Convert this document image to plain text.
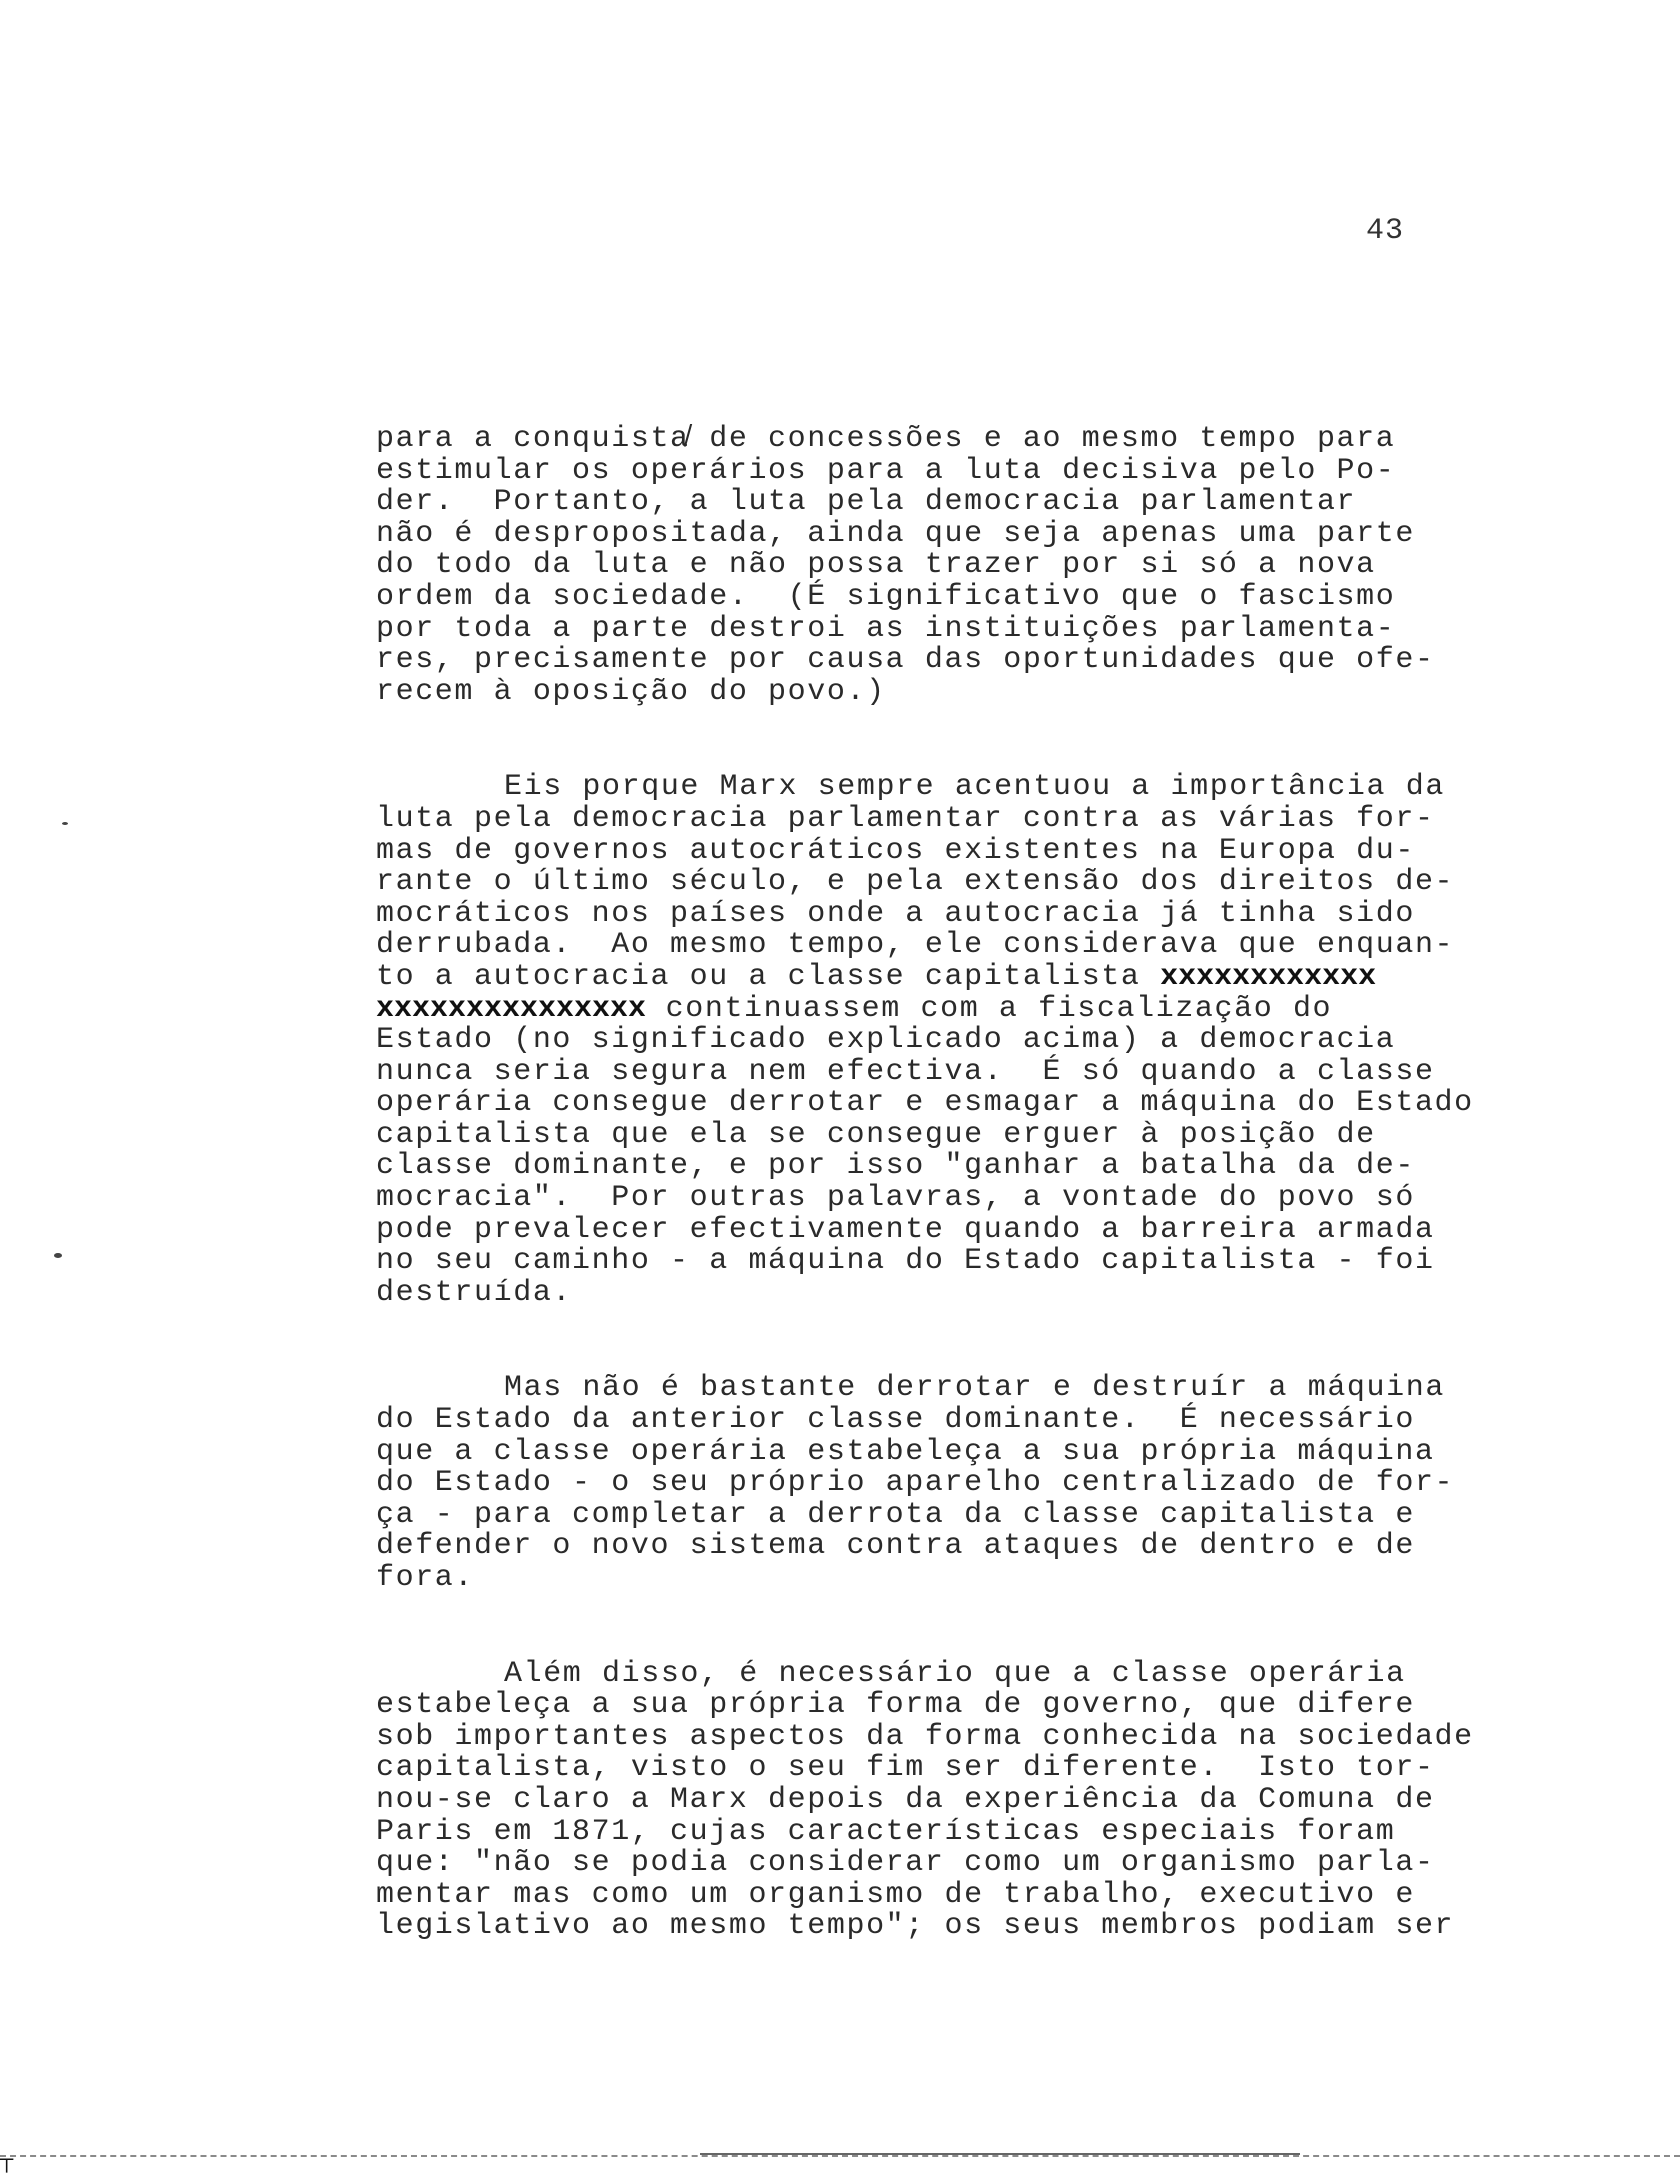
43
para a conquista̸ de concessões e ao mesmo tempo para
estimular os operários para a luta decisiva pelo Po-
der.  Portanto, a luta pela democracia parlamentar
não é despropositada, ainda que seja apenas uma parte
do todo da luta e não possa trazer por si só a nova
ordem da sociedade.  (É significativo que o fascismo
por toda a parte destroi as instituições parlamenta-
res, precisamente por causa das oportunidades que ofe-
recem à oposição do povo.)
Eis porque Marx sempre acentuou a importância da
luta pela democracia parlamentar contra as várias for-
mas de governos autocráticos existentes na Europa du-
rante o último século, e pela extensão dos direitos de-
mocráticos nos países onde a autocracia já tinha sido
derrubada.  Ao mesmo tempo, ele considerava que enquan-
to a autocracia ou a classe capitalista xxxxxxxxxxxx
xxxxxxxxxxxxxxx continuassem com a fiscalização do
Estado (no significado explicado acima) a democracia
nunca seria segura nem efectiva.  É só quando a classe
operária consegue derrotar e esmagar a máquina do Estado
capitalista que ela se consegue erguer à posição de
classe dominante, e por isso "ganhar a batalha da de-
mocracia".  Por outras palavras, a vontade do povo só
pode prevalecer efectivamente quando a barreira armada
no seu caminho - a máquina do Estado capitalista - foi
destruída.
Mas não é bastante derrotar e destruír a máquina
do Estado da anterior classe dominante.  É necessário
que a classe operária estabeleça a sua própria máquina
do Estado - o seu próprio aparelho centralizado de for-
ça - para completar a derrota da classe capitalista e
defender o novo sistema contra ataques de dentro e de
fora.
Além disso, é necessário que a classe operária
estabeleça a sua própria forma de governo, que difere
sob importantes aspectos da forma conhecida na sociedade
capitalista, visto o seu fim ser diferente.  Isto tor-
nou-se claro a Marx depois da experiência da Comuna de
Paris em 1871, cujas características especiais foram
que: "não se podia considerar como um organismo parla-
mentar mas como um organismo de trabalho, executivo e
legislativo ao mesmo tempo"; os seus membros podiam ser
┬
